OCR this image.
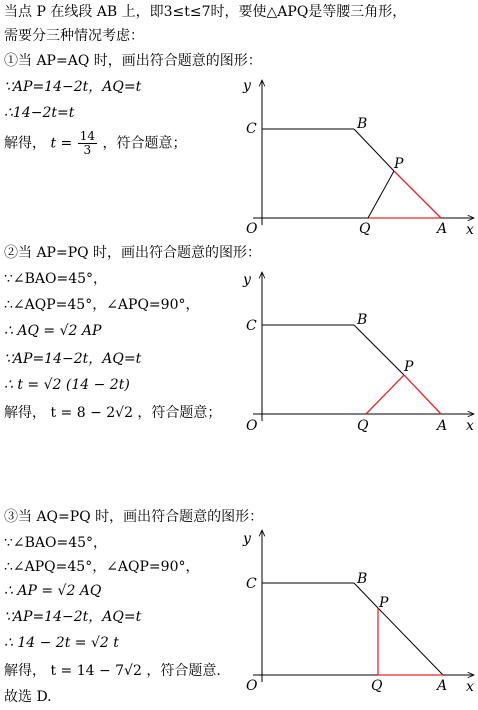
当点 P 在线段 AB 上，即3≤t≤7时，要使△APQ是等腰三角形，
需要分三种情况考虑：
①当 AP=AQ 时，画出符合题意的图形：
∵AP=14−2t，AQ=t
∴14−2t=t
解得， $t = \frac{14}{3}$ ，符合题意；
②当 AP=PQ 时，画出符合题意的图形：
∵∠BAO=45°，
∴∠AQP=45°，∠APQ=90°，
∴ AQ = √2 AP
∵AP=14−2t，AQ=t
∴ t = √2 (14 − 2t)
解得， t = 8 − 2√2 ，符合题意；
③当 AQ=PQ 时，画出符合题意的图形：
∵∠BAO=45°，
∴∠APQ=45°，∠AQP=90°，
∴ AP = √2 AQ
∵AP=14−2t，AQ=t
∴ 14 − 2t = √2 t
解得， t = 14 − 7√2 ，符合题意.
故选 D.
y
x
C	B
P
O	Q	A
y
x
C	B
P
O	Q	A
y
x
C	B
P
O	Q	A
